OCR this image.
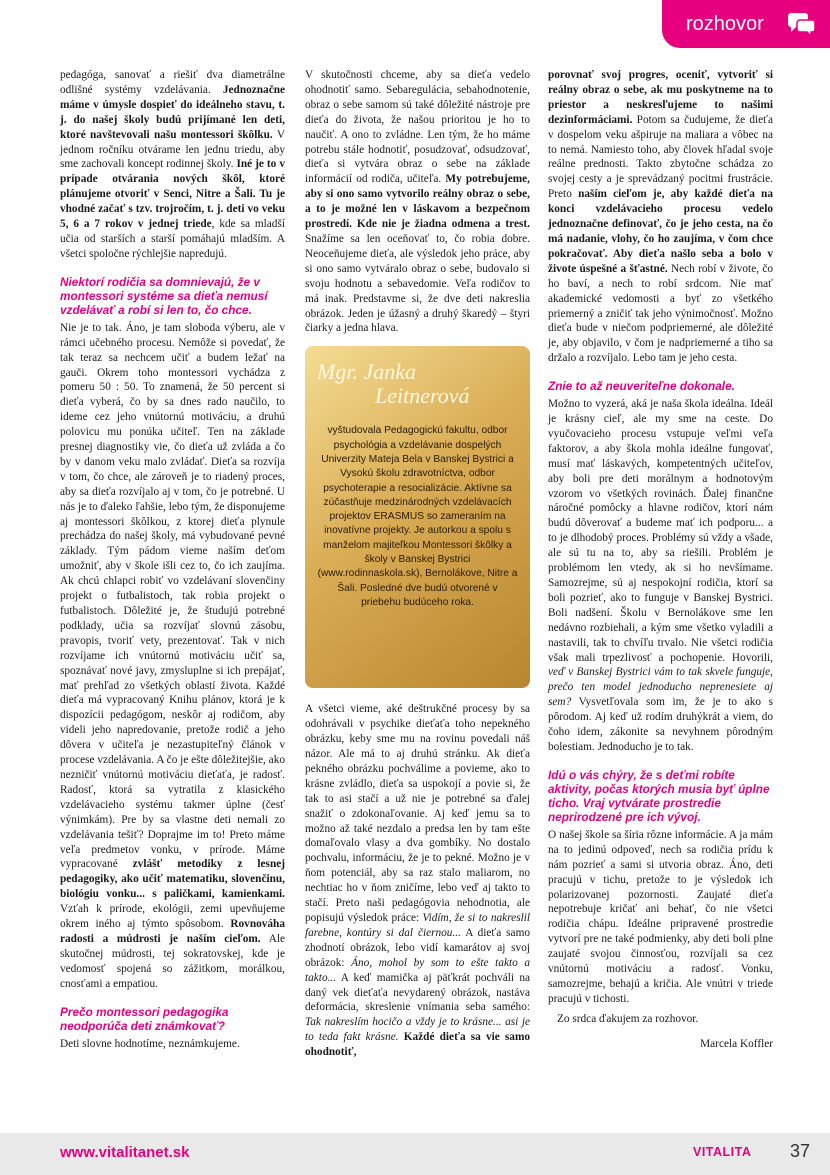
rozhovor

pedagóga, sanovať a riešiť dva diametrálne odlišné systémy vzdelávania. Jednoznačne máme v úmysle dospieť do ideálneho stavu, t. j. do našej školy budú prijímané len deti, ktoré navštevovali našu montessori škôlku. V jednom ročníku otvárame len jednu triedu, aby sme zachovali koncept rodinnej školy. Iné je to v prípade otvárania nových škôl, ktoré plánujeme otvoriť v Senci, Nitre a Šali. Tu je vhodné začať s tzv. trojročím, t. j. deti vo veku 5, 6 a 7 rokov v jednej triede, kde sa mladší učia od starších a starší pomáhajú mladším. A všetci spoločne rýchlejšie napredujú.

Niektorí rodičia sa domnievajú, že v montessori systéme sa dieťa nemusí vzdelávať a robí si len to, čo chce.

Nie je to tak. Áno, je tam sloboda výberu, ale v rámci učebného procesu. Nemôže si povedať, že tak teraz sa nechcem učiť a budem ležať na gauči. Okrem toho montessori vychádza z pomeru 50 : 50. To znamená, že 50 percent si dieťa vyberá, čo by sa dnes rado naučilo, to ideme cez jeho vnútornú motiváciu, a druhú polovicu mu ponúka učiteľ. Ten na základe presnej diagnostiky vie, čo dieťa už zvláda a čo by v danom veku malo zvládať. Dieťa sa rozvíja v tom, čo chce, ale zároveň je to riadený proces, aby sa dieťa rozvíjalo aj v tom, čo je potrebné. U nás je to ďaleko ľahšie, lebo tým, že disponujeme aj montessori škôlkou, z ktorej dieťa plynule prechádza do našej školy, má vybudované pevné základy. Tým pádom vieme naším deťom umožniť, aby v škole išli cez to, čo ich zaujíma. Ak chcú chlapci robiť vo vzdelávaní slovenčiny projekt o futbalistoch, tak robia projekt o futbalistoch. Dôležité je, že študujú potrebné podklady, učia sa rozvíjať slovnú zásobu, pravopis, tvoriť vety, prezentovať. Tak v nich rozvíjame ich vnútornú motiváciu učiť sa, spoznávať nové javy, zmysluplne si ich prepájať, mať prehľad zo všetkých oblastí života. Každé dieťa má vypracovaný Knihu plánov, ktorá je k dispozícii pedagógom, neskôr aj rodičom, aby videli jeho napredovanie, pretože rodič a jeho dôvera v učiteľa je nezastupiteľný článok v procese vzdelávania. A čo je ešte dôležitejšie, ako nezničiť vnútornú motiváciu dieťaťa, je radosť. Radosť, ktorá sa vytratila z klasického vzdelávacieho systému takmer úplne (česť výnimkám). Pre by sa vlastne deti nemali zo vzdelávania tešiť? Doprajme im to! Preto máme veľa predmetov vonku, v prírode. Máme vypracované zvlášť metodiky z lesnej pedagogiky, ako učiť matematiku, slovenčinu, biológiu vonku... s paličkami, kamienkami. Vzťah k prírode, ekológii, zemi upevňujeme okrem iného aj týmto spôsobom. Rovnováha radosti a múdrosti je naším cieľom. Ale skutočnej múdrosti, tej sokratovskej, kde je vedomosť spojená so zážitkom, morálkou, cnosťami a empatiou.

Prečo montessori pedagogika neodporúča deti známkovať?

Deti slovne hodnotíme, neznámkujeme.

V skutočnosti chceme, aby sa dieťa vedelo ohodnotiť samo. Sebareguláciа, sebahodnotenie, obraz o sebe samom sú také dôležité nástroje pre dieťa do života, že našou prioritou je ho to naučiť. A ono to zvládne. Len tým, že ho máme potrebu stále hodnotiť, posudzovať, odsudzovať, dieťa si vytvára obraz o sebe na základe informácií od rodiča, učiteľa. My potrebujeme, aby si ono samo vytvorilo reálny obraz o sebe, a to je možné len v láskavom a bezpečnom prostredí. Kde nie je žiadna odmena a trest. Snažíme sa len oceňovať to, čo robia dobre. Neoceňujeme dieťa, ale výsledok jeho práce, aby si ono samo vytváralo obraz o sebe, budovalo si svoju hodnotu a sebavedomie. Veľa rodičov to má inak. Predstavme si, že dve deti nakreslia obrázok. Jeden je úžasný a druhý škaredý – štyri čiarky a jedna hlava.

Mgr. Janka
Leitnerová
vyštudovala Pedagogickú fakultu, odbor psychológia a vzdelávanie dospelých Univerzity Mateja Bela v Banskej Bystrici a Vysokú školu zdravotníctva, odbor psychoterapie a resocializácie. Aktívne sa zúčastňuje medzinárodných vzdelávacích projektov ERASMUS so zameraním na inovatívne projekty. Je autorkou a spolu s manželom majiteľkou Montessori škôlky a školy v Banskej Bystrici (www.rodinnaskola.sk), Bernolákove, Nitre a Šali. Posledné dve budú otvorené v priebehu budúceho roka.

A všetci vieme, aké deštrukčné procesy by sa odohrávali v psychike dieťaťa toho nepekného obrázku, keby sme mu na rovinu povedali náš názor. Ale má to aj druhú stránku. Ak dieťa pekného obrázku pochválime a povieme, ako to krásne zvládlo, dieťa sa uspokojí a povie si, že tak to asi stačí a už nie je potrebné sa ďalej snažiť o zdokonaľovanie. Aj keď jemu sa to možno až také nezdalo a predsa len by tam ešte domaľovalo vlasy a dva gombíky. No dostalo pochvalu, informáciu, že je to pekné. Možno je v ňom potenciál, aby sa raz stalo maliarom, no nechtiac ho v ňom zničíme, lebo veď aj takto to stačí. Preto naši pedagógovia nehodnotia, ale popisujú výsledok práce: Vidím, že si to nakreslil farebne, kontúry si dal čiernou... A dieťa samo zhodnotí obrázok, lebo vidí kamarátov aj svoj obrázok: Áno, mohol by som to ešte takto a takto... A keď mamička aj päťkrát pochváli na daný vek dieťaťa nevydarený obrázok, nastáva deformácia, skreslenie vnímania seba samého: Tak nakreslím hocičo a vždy je to krásne... asi je to teda fakt krásne. Každé dieťa sa vie samo ohodnotiť,

porovnať svoj progres, oceniť, vytvoriť si reálny obraz o sebe, ak mu poskytneme na to priestor a neskresľujeme to našimi dezinformáciami. Potom sa čudujeme, že dieťa v dospelom veku ašpiruje na maliara a vôbec na to nemá. Namiesto toho, aby človek hľadal svoje reálne prednosti. Takto zbytočne schádza zo svojej cesty a je sprevádzaný pocitmi frustrácie. Preto naším cieľom je, aby každé dieťa na konci vzdelávacieho procesu vedelo jednoznačne definovať, čo je jeho cesta, na čo má nadanie, vlohy, čo ho zaujíma, v čom chce pokračovať. Aby dieťa našlo seba a bolo v živote úspešné a šťastné. Nech robí v živote, čo ho baví, a nech to robí srdcom. Nie mať akademické vedomosti a byť zo všetkého priemerný a zničiť tak jeho výnimočnosť. Možno dieťa bude v niečom podpriemerné, ale dôležité je, aby objavilo, v čom je nadpriemerné a tiho sa držalo a rozvíjalo. Lebo tam je jeho cesta.

Znie to až neuveriteľne dokonale.

Možno to vyzerá, aká je naša škola ideálna. Ideál je krásny cieľ, ale my sme na ceste. Do vyučovacieho procesu vstupuje veľmi veľa faktorov, a aby škola mohla ideálne fungovať, musí mať láskavých, kompetentných učiteľov, aby boli pre deti morálnym a hodnotovým vzorom vo všetkých rovinách. Ďalej finančne náročné pomôcky a hlavne rodičov, ktorí nám budú dôverovať a budeme mať ich podporu... a to je dlhodobý proces. Problémy sú vždy a všade, ale sú tu na to, aby sa riešili. Problém je problémom len vtedy, ak si ho nevšímame. Samozrejme, sú aj nespokojní rodičia, ktorí sa boli pozrieť, ako to funguje v Banskej Bystrici. Boli nadšení. Školu v Bernolákove sme len nedávno rozbiehali, a kým sme všetko vyladili a nastavili, tak to chvíľu trvalo. Nie všetci rodičia však mali trpezlivosť a pochopenie. Hovorili, veď v Banskej Bystrici vám to tak skvele funguje, prečo ten model jednoducho neprenesiete aj sem? Vysvetľovala som im, že je to ako s pôrodom. Aj keď už rodím druhýkrát a viem, do čoho idem, zákonite sa nevyhnem pôrodným bolestiam. Jednoducho je to tak.

Idú o vás chýry, že s deťmi robíte aktivity, počas ktorých musia byť úplne ticho. Vraj vytvárate prostredie neprirodzené pre ich vývoj.

O našej škole sa šíria rôzne informácie. A ja mám na to jedinú odpoveď, nech sa rodičia prídu k nám pozrieť a sami si utvoria obraz. Áno, deti pracujú v tichu, pretože to je výsledok ich polarizovanej pozornosti. Zaujaté dieťa nepotrebuje kričať ani behať, čo nie všetci rodičia chápu. Ideálne pripravené prostredie vytvorí pre ne také podmienky, aby deti boli plne zaujaté svojou činnosťou, rozvíjali sa cez vnútornú motiváciu a radosť. Vonku, samozrejme, behajú a kričia. Ale vnútri v triede pracujú v tichosti.

Zo srdca ďakujem za rozhovor.

Marcela Koffler

www.vitalitanet.sk	VITALITA 37
